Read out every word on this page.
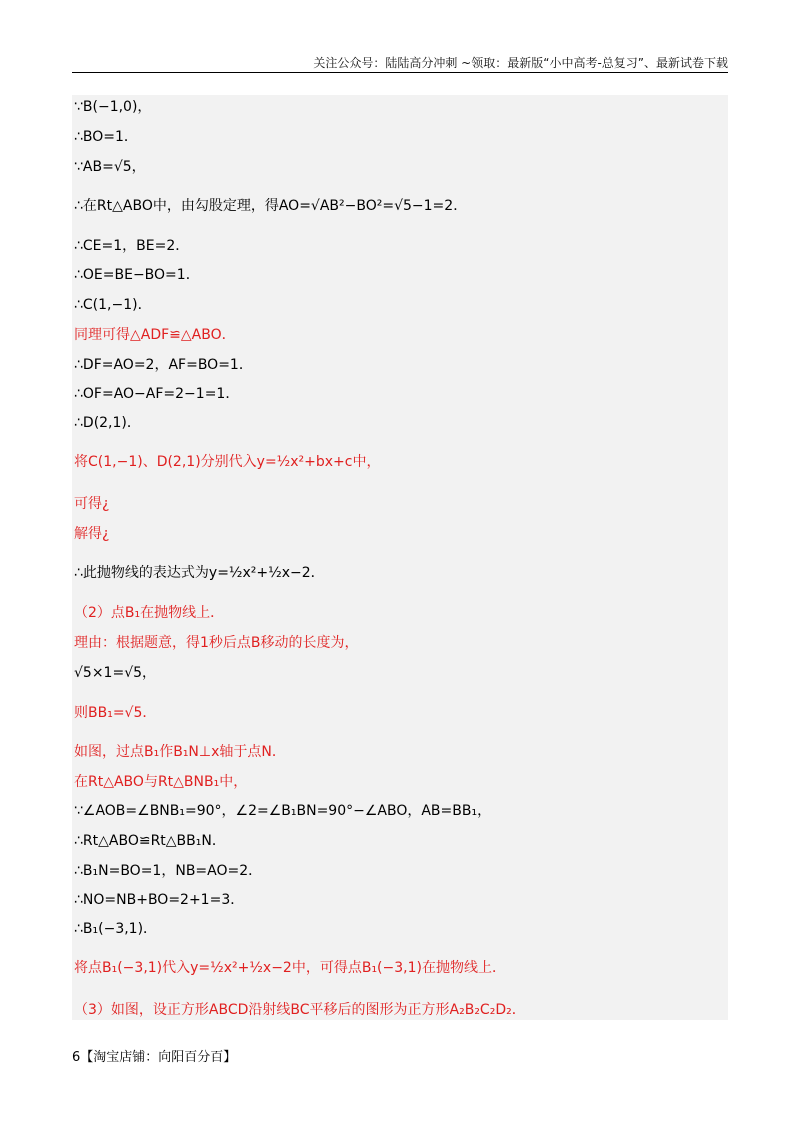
关注公众号：陆陆高分冲刺 ~领取：最新版“小中高考-总复习”、最新试卷下载
∵B(−1,0)，
∴BO=1．
∵AB=√5，
∴在Rt△ABO中，由勾股定理，得AO=√AB²−BO²=√5−1=2．
∴CE=1，BE=2．
∴OE=BE−BO=1．
∴C(1,−1)．
同理可得△ADF≌△ABO．
∴DF=AO=2，AF=BO=1．
∴OF=AO−AF=2−1=1．
∴D(2,1)．
将C(1,−1)、D(2,1)分别代入y=½x²+bx+c中，
可得¿
解得¿
∴此抛物线的表达式为y=½x²+½x−2．
（2）点B₁在抛物线上．
理由：根据题意，得1秒后点B移动的长度为，
√5×1=√5，
则BB₁=√5．
如图，过点B₁作B₁N⊥x轴于点N．
在Rt△ABO与Rt△BNB₁中，
∵∠AOB=∠BNB₁=90°，∠2=∠B₁BN=90°−∠ABO，AB=BB₁，
∴Rt△ABO≌Rt△BB₁N．
∴B₁N=BO=1，NB=AO=2．
∴NO=NB+BO=2+1=3．
∴B₁(−3,1)．
将点B₁(−3,1)代入y=½x²+½x−2中，可得点B₁(−3,1)在抛物线上．
（3）如图，设正方形ABCD沿射线BC平移后的图形为正方形A₂B₂C₂D₂．
6【淘宝店铺：向阳百分百】
